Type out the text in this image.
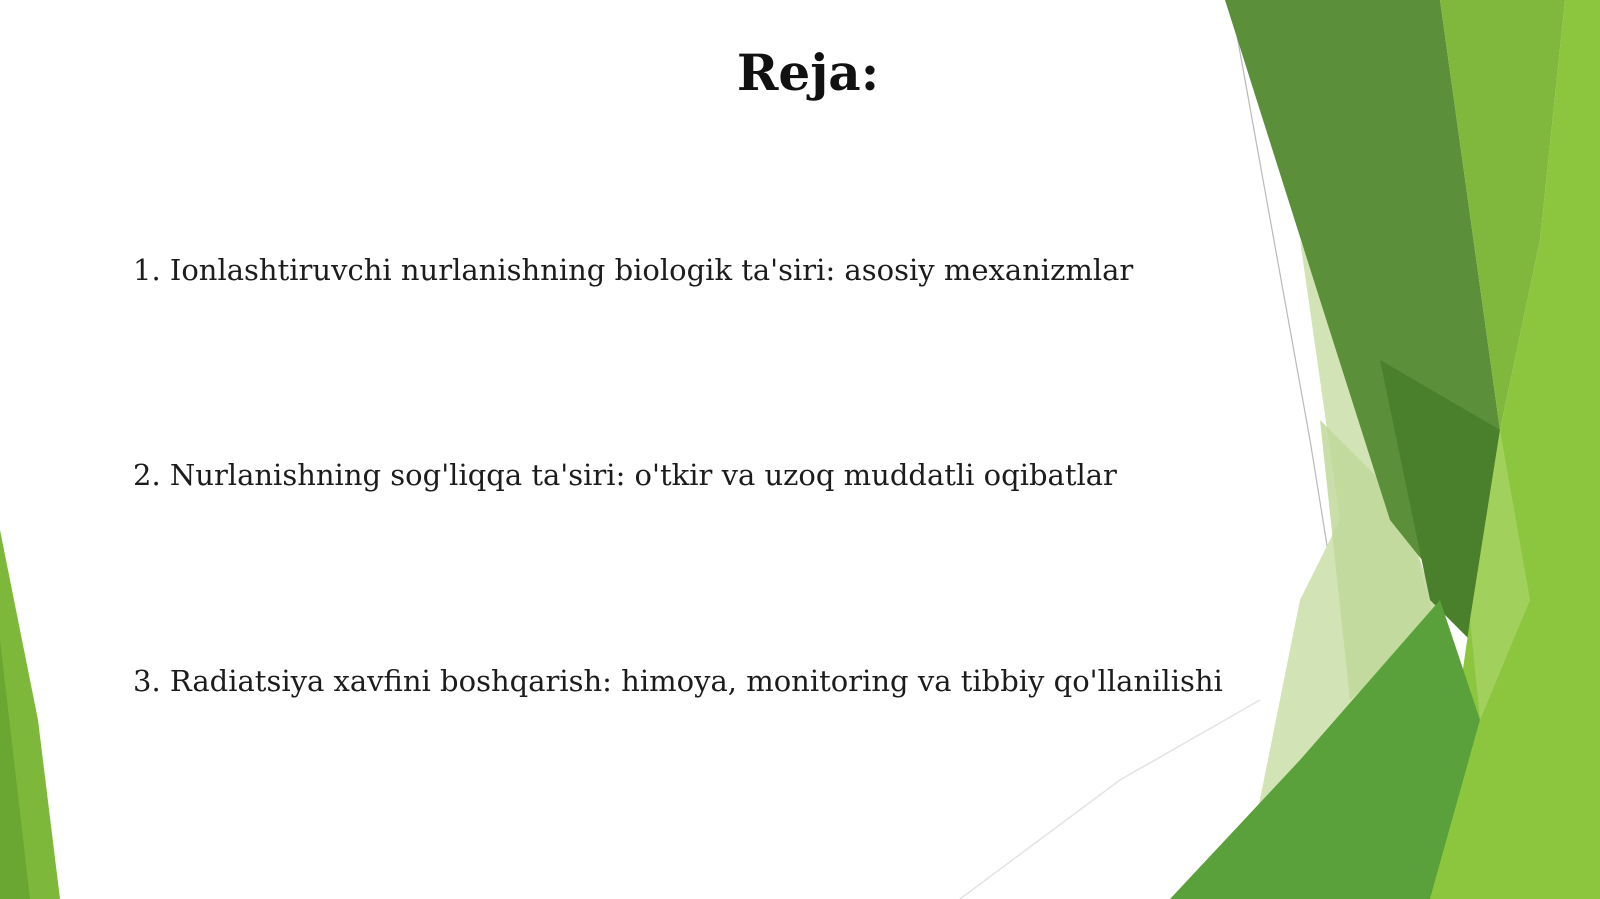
Reja:

1. Ionlashtiruvchi nurlanishning biologik ta'siri: asosiy mexanizmlar

2. Nurlanishning sog'liqqa ta'siri: o'tkir va uzoq muddatli oqibatlar

3. Radiatsiya xavfini boshqarish: himoya, monitoring va tibbiy qo'llanilishi
